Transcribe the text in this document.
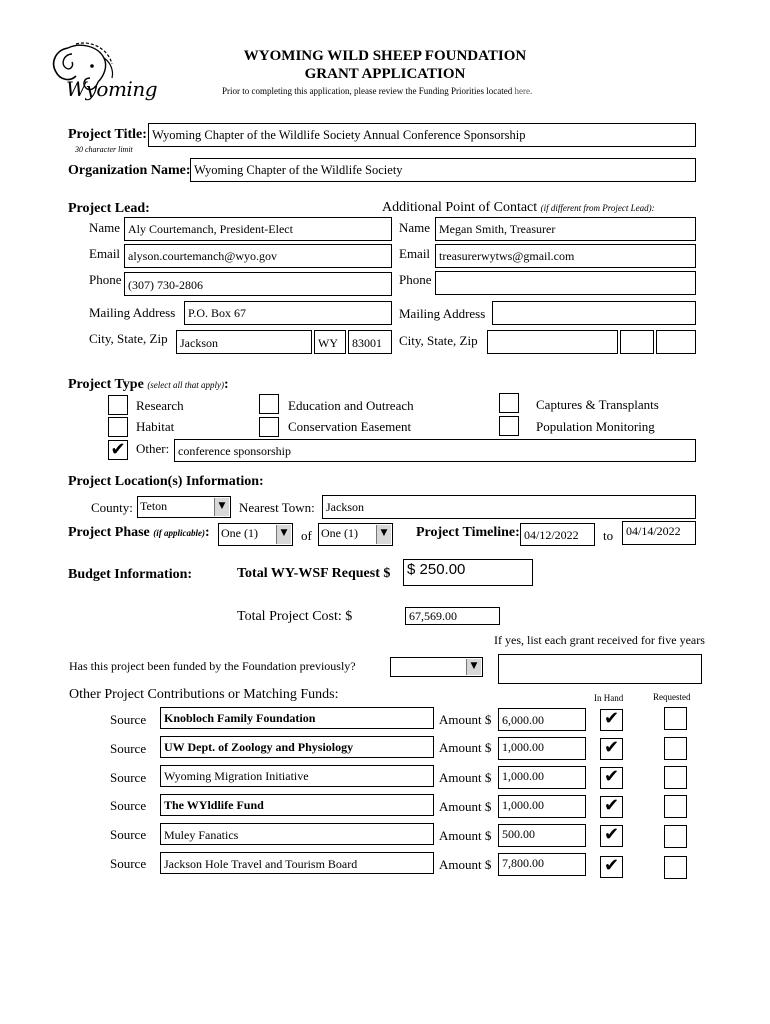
Wyoming
WYOMING WILD SHEEP FOUNDATION
GRANT APPLICATION
Prior to completing this application, please review the Funding Priorities located here.
Project Title:
30 character limit
Wyoming Chapter of the Wildlife Society Annual Conference Sponsorship
Organization Name: Wyoming Chapter of the Wildlife Society
Project Lead:
Name Aly Courtemanch, President-Elect
Email alyson.courtemanch@wyo.gov
Phone (307) 730-2806
Mailing Address	P.O. Box 67
City, State, Zip	Jackson	WY	83001
Additional Point of Contact (if different from Project Lead):
Name Megan Smith, Treasurer
Email treasurerwytws@gmail.com
Phone
Mailing Address
City, State, Zip
Project Type (select all that apply):
Research
Habitat
✔ Other: conference sponsorship
Education and Outreach
Conservation Easement
Captures & Transplants
Population Monitoring
Project Location(s) Information:
County: Teton	▼ Nearest Town: Jackson
Project Phase (if applicable): One (1)	▼ of One (1)	▼ Project Timeline: 04/12/2022	to	04/14/2022
Budget Information:	Total WY-WSF Request $ $ 250.00
Total Project Cost: $	67,569.00
If yes, list each grant received for five years
Has this project been funded by the Foundation previously?	▼
Other Project Contributions or Matching Funds:	In Hand	Requested
Source	Knobloch Family Foundation	Amount $ 6,000.00	✔
Source	UW Dept. of Zoology and Physiology	Amount $ 1,000.00	✔
Source	Wyoming Migration Initiative	Amount $ 1,000.00	✔
Source	The WYldlife Fund	Amount $ 1,000.00	✔
Source	Muley Fanatics	Amount $ 500.00	✔
Source	Jackson Hole Travel and Tourism Board	Amount $ 7,800.00	✔
